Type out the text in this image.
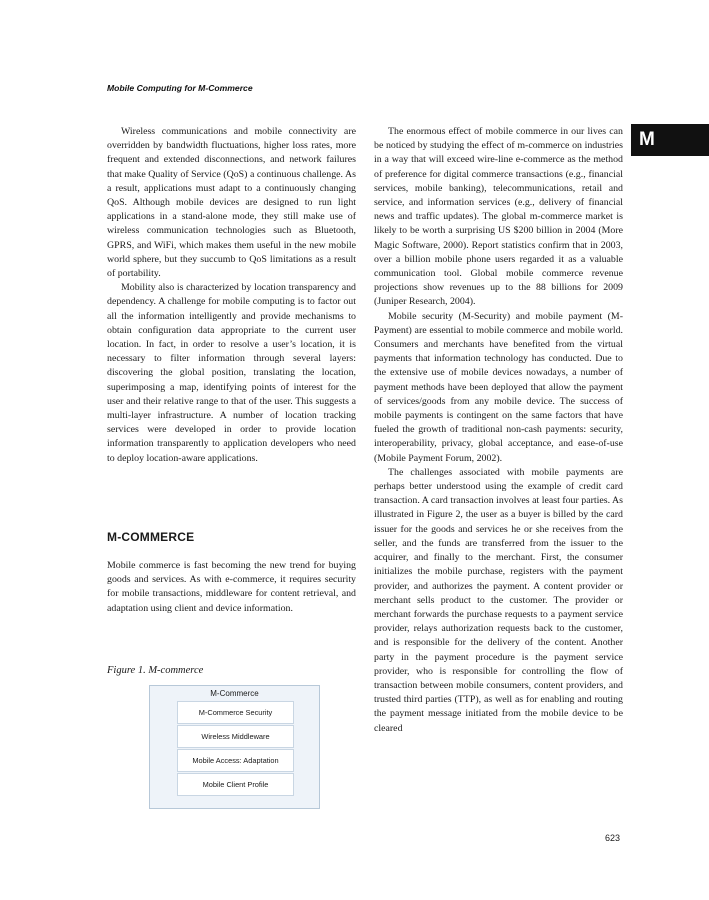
Mobile Computing for M-Commerce
M

Wireless communications and mobile connectivity are overridden by bandwidth fluctuations, higher loss rates, more frequent and extended disconnections, and network failures that make Quality of Service (QoS) a continuous challenge. As a result, applications must adapt to a continuously changing QoS. Although mobile devices are designed to run light applications in a stand-alone mode, they still make use of wireless communication technologies such as Bluetooth, GPRS, and WiFi, which makes them useful in the new mobile world sphere, but they succumb to QoS limitations as a result of portability.

Mobility also is characterized by location transparency and dependency. A challenge for mobile computing is to factor out all the information intelligently and provide mechanisms to obtain configuration data appropriate to the current user location. In fact, in order to resolve a user’s location, it is necessary to filter information through several layers: discovering the global position, translating the location, superimposing a map, identifying points of interest for the user and their relative range to that of the user. This suggests a multi-layer infrastructure. A number of location tracking services were developed in order to provide location information transparently to application developers who need to deploy location-aware applications.

M-COMMERCE

Mobile commerce is fast becoming the new trend for buying goods and services. As with e-commerce, it requires security for mobile transactions, middleware for content retrieval, and adaptation using client and device information.

Figure 1. M-commerce
M-Commerce
M-Commerce Security
Wireless Middleware
Mobile Access: Adaptation
Mobile Client Profile

The enormous effect of mobile commerce in our lives can be noticed by studying the effect of m-commerce on industries in a way that will exceed wire-line e-commerce as the method of preference for digital commerce transactions (e.g., financial services, mobile banking), telecommunications, retail and service, and information services (e.g., delivery of financial news and traffic updates). The global m-commerce market is likely to be worth a surprising US $200 billion in 2004 (More Magic Software, 2000). Report statistics confirm that in 2003, over a billion mobile phone users regarded it as a valuable communication tool. Global mobile commerce revenue projections show revenues up to the 88 billions for 2009 (Juniper Research, 2004).

Mobile security (M-Security) and mobile payment (M-Payment) are essential to mobile commerce and mobile world. Consumers and merchants have benefited from the virtual payments that information technology has conducted. Due to the extensive use of mobile devices nowadays, a number of payment methods have been deployed that allow the payment of services/goods from any mobile device. The success of mobile payments is contingent on the same factors that have fueled the growth of traditional non-cash payments: security, interoperability, privacy, global acceptance, and ease-of-use (Mobile Payment Forum, 2002).

The challenges associated with mobile payments are perhaps better understood using the example of credit card transaction. A card transaction involves at least four parties. As illustrated in Figure 2, the user as a buyer is billed by the card issuer for the goods and services he or she receives from the seller, and the funds are transferred from the issuer to the acquirer, and finally to the merchant. First, the consumer initializes the mobile purchase, registers with the payment provider, and authorizes the payment. A content provider or merchant sells product to the customer. The provider or merchant forwards the purchase requests to a payment service provider, relays authorization requests back to the customer, and is responsible for the delivery of the content. Another party in the payment procedure is the payment service provider, who is responsible for controlling the flow of transaction between mobile consumers, content providers, and trusted third parties (TTP), as well as for enabling and routing the payment message initiated from the mobile device to be cleared

623
